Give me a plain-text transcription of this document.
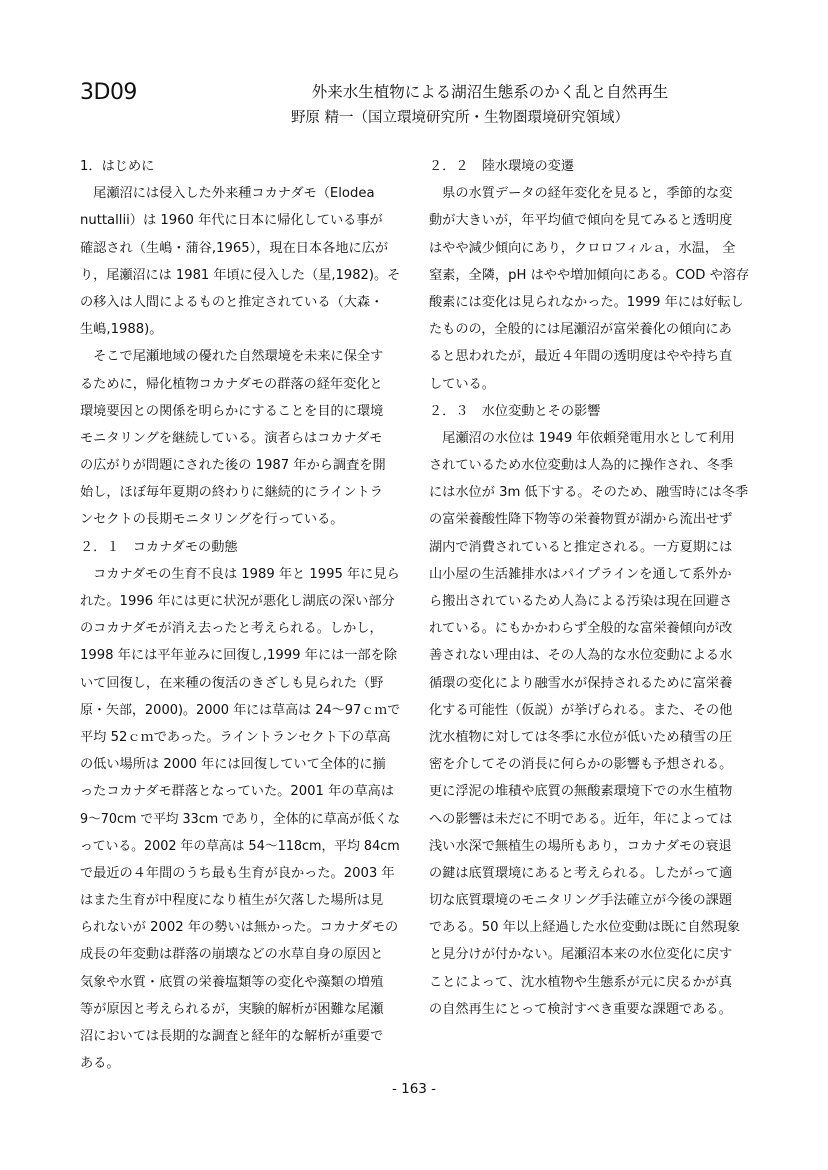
3D09	外来水生植物による湖沼生態系のかく乱と自然再生
野原 精一（国立環境研究所・生物圏環境研究領域）
1．はじめに
　尾瀬沼には侵入した外来種コカナダモ（Elodea
nuttallii）は 1960 年代に日本に帰化している事が
確認され（生嶋・蒲谷,1965），現在日本各地に広が
り，尾瀬沼には 1981 年頃に侵入した（星,1982)。そ
の移入は人間によるものと推定されている（大森・
生嶋,1988)。
　そこで尾瀬地域の優れた自然環境を未来に保全す
るために，帰化植物コカナダモの群落の経年変化と
環境要因との関係を明らかにすることを目的に環境
モニタリングを継続している。演者らはコカナダモ
の広がりが問題にされた後の 1987 年から調査を開
始し，ほぼ毎年夏期の終わりに継続的にライントラ
ンセクトの長期モニタリングを行っている。
２．１　コカナダモの動態
　コカナダモの生育不良は 1989 年と 1995 年に見ら
れた。1996 年には更に状況が悪化し湖底の深い部分
のコカナダモが消え去ったと考えられる。しかし，
1998 年には平年並みに回復し,1999 年には一部を除
いて回復し，在来種の復活のきざしも見られた（野
原・矢部，2000)。2000 年には草高は 24～97ｃｍで
平均 52ｃｍであった。ライントランセクト下の草高
の低い場所は 2000 年には回復していて全体的に揃
ったコカナダモ群落となっていた。2001 年の草高は
9～70cm で平均 33cm であり，全体的に草高が低くな
っている。2002 年の草高は 54～118cm，平均 84cm
で最近の４年間のうち最も生育が良かった。2003 年
はまた生育が中程度になり植生が欠落した場所は見
られないが 2002 年の勢いは無かった。コカナダモの
成長の年変動は群落の崩壊などの水草自身の原因と
気象や水質・底質の栄養塩類等の変化や藻類の増殖
等が原因と考えられるが，実験的解析が困難な尾瀬
沼においては長期的な調査と経年的な解析が重要で
ある。
２．２　陸水環境の変遷
　県の水質データの経年変化を見ると，季節的な変
動が大きいが，年平均値で傾向を見てみると透明度
はやや減少傾向にあり，クロロフィルａ，水温， 全
窒素，全隣，pH はやや増加傾向にある。COD や溶存
酸素には変化は見られなかった。1999 年には好転し
たものの，全般的には尾瀬沼が富栄養化の傾向にあ
ると思われたが，最近４年間の透明度はやや持ち直
している。
２．３　水位変動とその影響
　尾瀬沼の水位は 1949 年依頼発電用水として利用
されているため水位変動は人為的に操作され、冬季
には水位が 3m 低下する。そのため、融雪時には冬季
の富栄養酸性降下物等の栄養物質が湖から流出せず
湖内で消費されていると推定される。一方夏期には
山小屋の生活雑排水はパイプラインを通して系外か
ら搬出されているため人為による汚染は現在回避さ
れている。にもかかわらず全般的な富栄養傾向が改
善されない理由は、その人為的な水位変動による水
循環の変化により融雪水が保持されるために富栄養
化する可能性（仮説）が挙げられる。また、その他
沈水植物に対しては冬季に水位が低いため積雪の圧
密を介してその消長に何らかの影響も予想される。
更に浮泥の堆積や底質の無酸素環境下での水生植物
への影響は未だに不明である。近年，年によっては
浅い水深で無植生の場所もあり，コカナダモの衰退
の鍵は底質環境にあると考えられる。したがって適
切な底質環境のモニタリング手法確立が今後の課題
である。50 年以上経過した水位変動は既に自然現象
と見分けが付かない。尾瀬沼本来の水位変化に戻す
ことによって、沈水植物や生態系が元に戻るかが真
の自然再生にとって検討すべき重要な課題である。
- 163 -
